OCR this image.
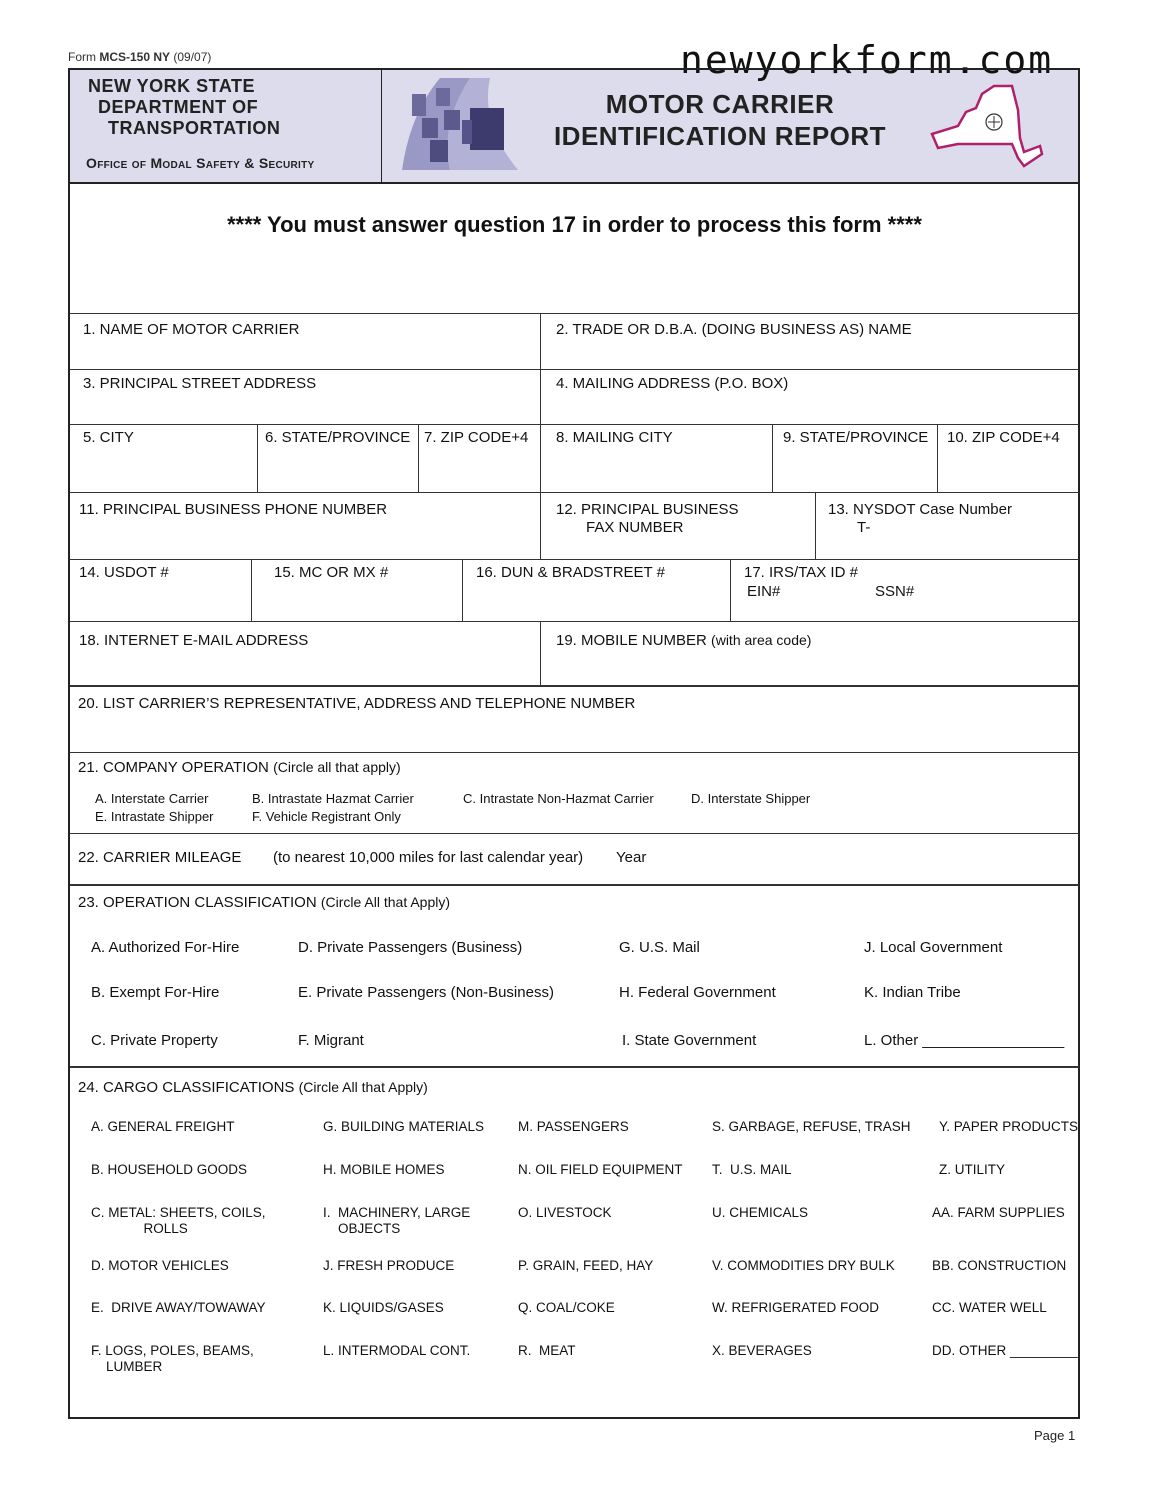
Form MCS-150 NY (09/07)
NEW YORK STATE
DEPARTMENT OF
TRANSPORTATION
Office of Modal Safety & Security
MOTOR CARRIER
IDENTIFICATION REPORT
newyorkform.com
**** You must answer question 17 in order to process this form ****
1. NAME OF MOTOR CARRIER	2. TRADE OR D.B.A. (DOING BUSINESS AS) NAME
3. PRINCIPAL STREET ADDRESS	4. MAILING ADDRESS (P.O. BOX)
5. CITY	6. STATE/PROVINCE 7. ZIP CODE+4 8. MAILING CITY	9. STATE/PROVINCE 10. ZIP CODE+4
11. PRINCIPAL BUSINESS PHONE NUMBER	12. PRINCIPAL BUSINESS
FAX NUMBER
13. NYSDOT Case Number
T-
14. USDOT #	15. MC OR MX #	16. DUN & BRADSTREET #	17. IRS/TAX ID #
EIN#	SSN#
18. INTERNET E-MAIL ADDRESS	19. MOBILE NUMBER (with area code)
20. LIST CARRIER’S REPRESENTATIVE, ADDRESS AND TELEPHONE NUMBER
21. COMPANY OPERATION (Circle all that apply)
A. Interstate Carrier	B. Intrastate Hazmat Carrier	C. Intrastate Non-Hazmat Carrier	D. Interstate Shipper
E. Intrastate Shipper	F. Vehicle Registrant Only
22. CARRIER MILEAGE (to nearest 10,000 miles for last calendar year) Year
23. OPERATION CLASSIFICATION (Circle All that Apply)
A. Authorized For-Hire	D. Private Passengers (Business)	G. U.S. Mail	J. Local Government
B. Exempt For-Hire	E. Private Passengers (Non-Business)	H. Federal Government	K. Indian Tribe
C. Private Property	F. Migrant	I. State Government	L. Other _________________
24. CARGO CLASSIFICATIONS (Circle All that Apply)
A. GENERAL FREIGHT	G. BUILDING MATERIALS	M. PASSENGERS	S. GARBAGE, REFUSE, TRASH Y. PAPER PRODUCTS
B. HOUSEHOLD GOODS	H. MOBILE HOMES	N. OIL FIELD EQUIPMENT T.  U.S. MAIL	Z. UTILITY
C. METAL: SHEETS, COILS,
ROLLS
I.  MACHINERY, LARGE
OBJECTS
O. LIVESTOCK	U. CHEMICALS	AA. FARM SUPPLIES
D. MOTOR VEHICLES	J. FRESH PRODUCE	P. GRAIN, FEED, HAY	V. COMMODITIES DRY BULK	BB. CONSTRUCTION
E.  DRIVE AWAY/TOWAWAY	K. LIQUIDS/GASES	Q. COAL/COKE	W. REFRIGERATED FOOD	CC. WATER WELL
F. LOGS, POLES, BEAMS,
LUMBER
L. INTERMODAL CONT.	R.  MEAT	X. BEVERAGES	DD. OTHER _________
Page 1
